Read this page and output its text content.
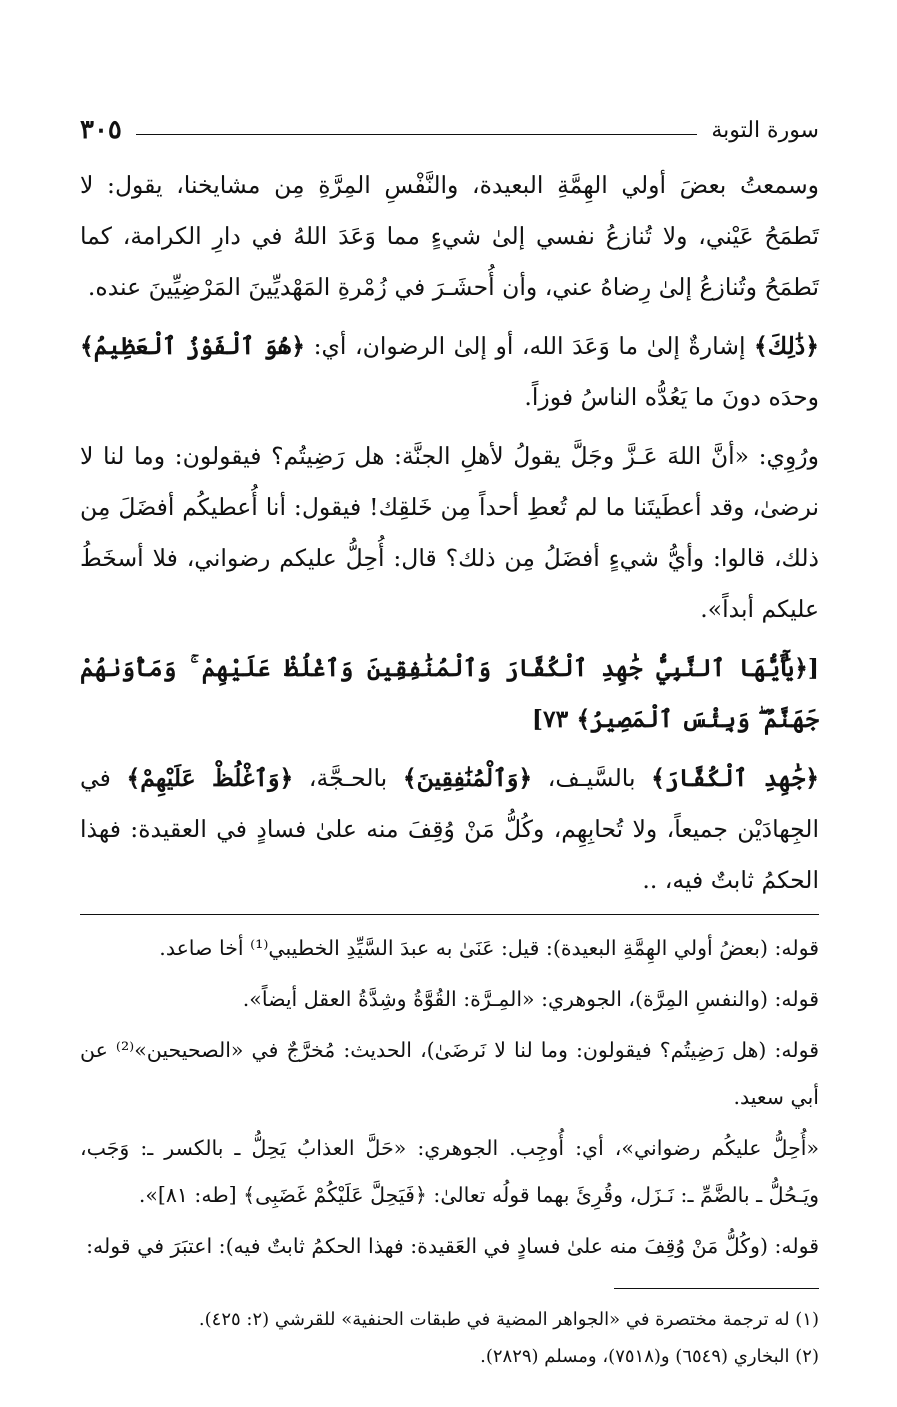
سورة التوبة
٣٠٥

وسمعتُ بعضَ أولي الهِمَّةِ البعيدة، والنَّفْسِ المِرَّةِ مِن مشايخنا، يقول: لا تَطمَحُ عَيْني، ولا تُنازعُ نفسي إلىٰ شيءٍ مما وَعَدَ اللهُ في دارِ الكرامة، كما تَطمَحُ وتُنازعُ إلىٰ رِضاهُ عني، وأن أُحشَـرَ في زُمْرةِ المَهْديِّينَ المَرْضِيِّينَ عنده.

﴿ذَٰلِكَ﴾ إشارةٌ إلىٰ ما وَعَدَ الله، أو إلىٰ الرضوان، أي: ﴿هُوَ ٱلْفَوْزُ ٱلْعَظِيمُ﴾ وحدَه دونَ ما يَعُدُّه الناسُ فوزاً.

ورُوِي: «أنَّ اللهَ عَـزَّ وجَلَّ يقولُ لأهلِ الجنَّة: هل رَضِيتُم؟ فيقولون: وما لنا لا نرضىٰ، وقد أعطَيتَنا ما لم تُعطِ أحداً مِن خَلقِك! فيقول: أنا أُعطيكُم أفضَلَ مِن ذلك، قالوا: وأيُّ شيءٍ أفضَلُ مِن ذلك؟ قال: أُحِلُّ عليكم رضواني، فلا أسخَطُ عليكم أبداً».

[﴿يَٰٓأَيُّهَا ٱلنَّبِيُّ جَٰهِدِ ٱلْكُفَّارَ وَٱلْمُنَٰفِقِينَ وَٱغْلُظْ عَلَيْهِمْ ۚ وَمَأْوَىٰهُمْ جَهَنَّمُ ۖ وَبِئْسَ ٱلْمَصِيرُ﴾ ٧٣]

﴿جَٰهِدِ ٱلْكُفَّارَ﴾ بالسَّيـف، ﴿وَٱلْمُنَٰفِقِينَ﴾ بالحـجَّة، ﴿وَٱغْلُظْ عَلَيْهِمْ﴾ في الجِهادَيْن جميعاً، ولا تُحابِهِم، وكُلُّ مَنْ وُقِفَ منه علىٰ فسادٍ في العقيدة: فهذا الحكمُ ثابتٌ فيه، ..

قوله: (بعضُ أولي الهِمَّةِ البعيدة): قيل: عَنَىٰ به عبدَ السَّيِّدِ الخطيبي⁽¹⁾ أخا صاعد.

قوله: (والنفسِ المِرَّة)، الجوهري: «المِـرَّة: القُوَّةُ وشِدَّةُ العقل أيضاً».

قوله: (هل رَضِيتُم؟ فيقولون: وما لنا لا نَرضَىٰ)، الحديث: مُخرَّجٌ في «الصحيحين»⁽²⁾ عن أبي سعيد.

«أُحِلُّ عليكُم رضواني»، أي: أُوجِب. الجوهري: «حَلَّ العذابُ يَحِلُّ ـ بالكسر ـ: وَجَب، ويَـحُلُّ ـ بالضَّمِّ ـ: نَـزَل، وقُرِئَ بهما قولُه تعالىٰ: ﴿فَيَحِلَّ عَلَيْكُمْ غَضَبِى﴾ [طه: ٨١]».

قوله: (وكُلُّ مَنْ وُقِفَ منه علىٰ فسادٍ في العَقيدة: فهذا الحكمُ ثابتٌ فيه): اعتبَرَ في قوله:

(١) له ترجمة مختصرة في «الجواهر المضية في طبقات الحنفية» للقرشي (٢: ٤٢٥).

(٢) البخاري (٦٥٤٩) و(٧٥١٨)، ومسلم (٢٨٢٩).
